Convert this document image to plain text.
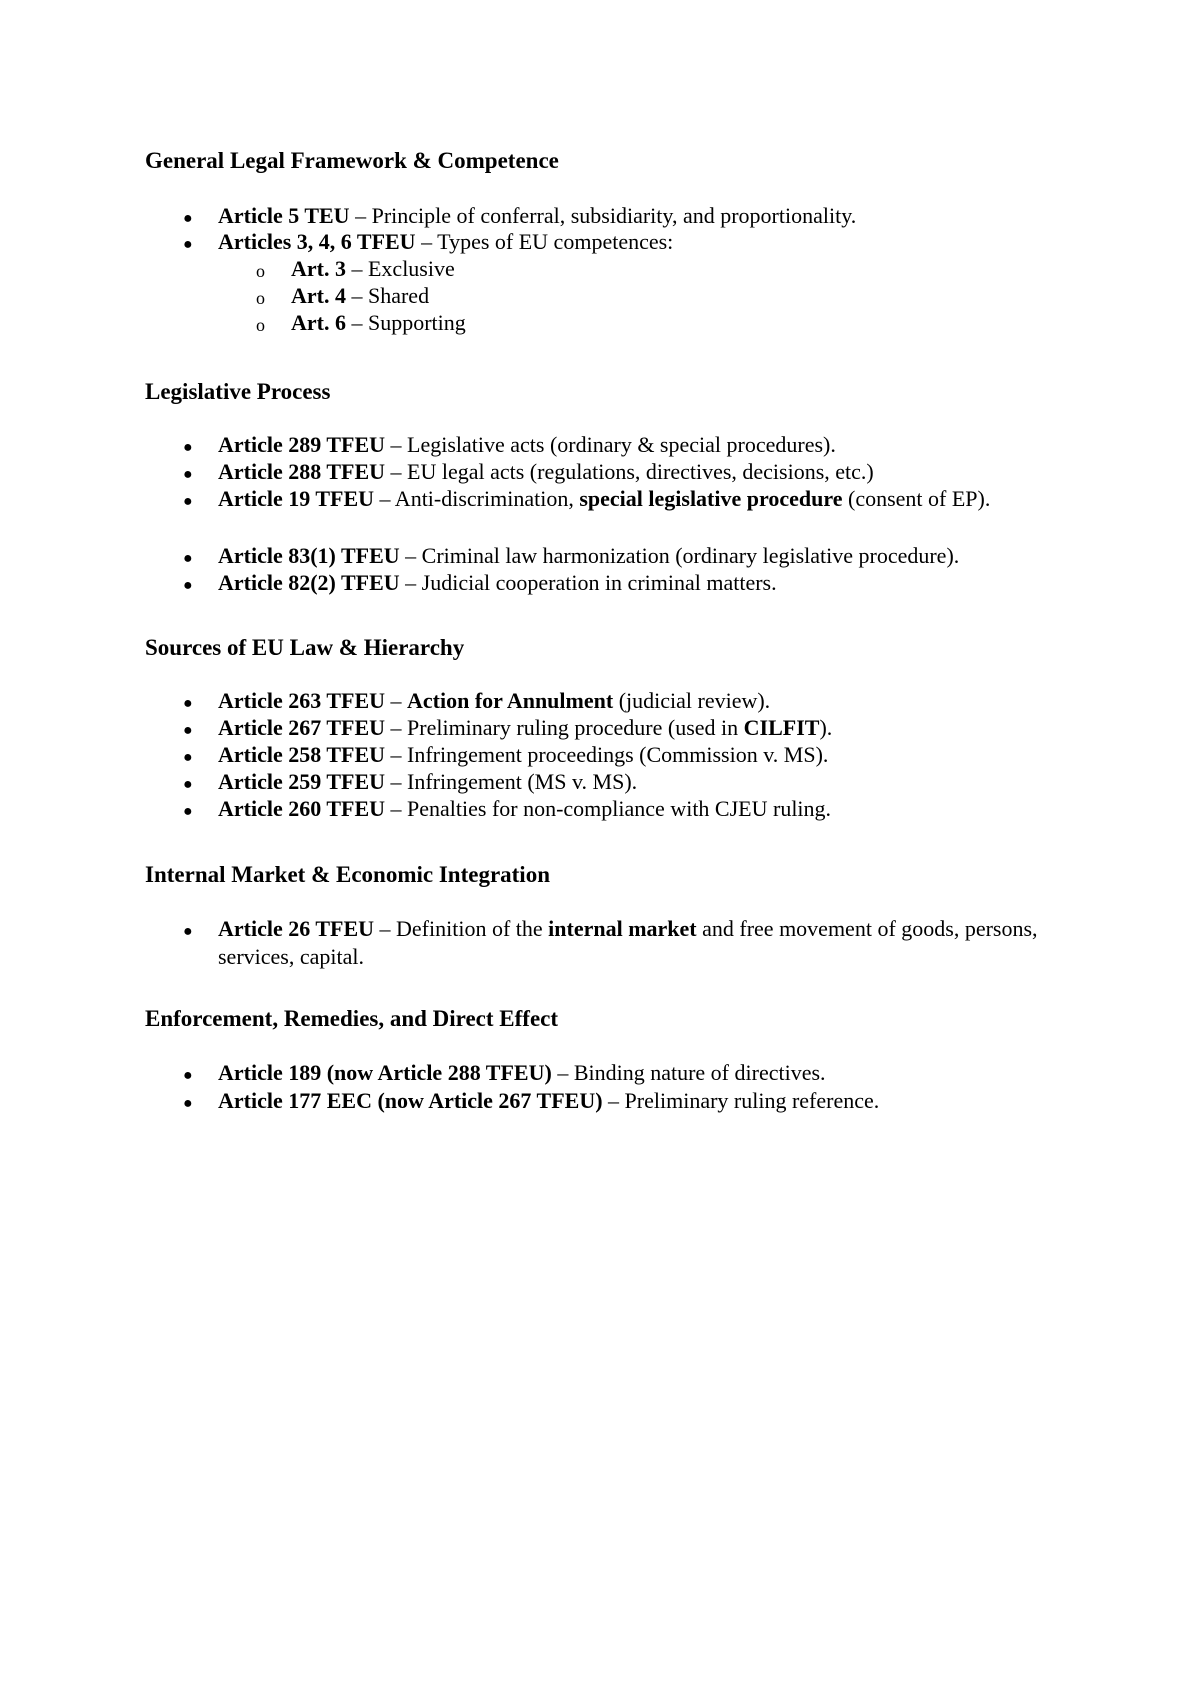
General Legal Framework & Competence
● Article 5 TEU – Principle of conferral, subsidiarity, and proportionality.
● Articles 3, 4, 6 TFEU – Types of EU competences:
o Art. 3 – Exclusive
o Art. 4 – Shared
o Art. 6 – Supporting
Legislative Process
● Article 289 TFEU – Legislative acts (ordinary & special procedures).
● Article 288 TFEU – EU legal acts (regulations, directives, decisions, etc.)
● Article 19 TFEU – Anti-discrimination, special legislative procedure (consent of EP).
● Article 83(1) TFEU – Criminal law harmonization (ordinary legislative procedure).
● Article 82(2) TFEU – Judicial cooperation in criminal matters.
Sources of EU Law & Hierarchy
● Article 263 TFEU – Action for Annulment (judicial review).
● Article 267 TFEU – Preliminary ruling procedure (used in CILFIT).
● Article 258 TFEU – Infringement proceedings (Commission v. MS).
● Article 259 TFEU – Infringement (MS v. MS).
● Article 260 TFEU – Penalties for non-compliance with CJEU ruling.
Internal Market & Economic Integration
● Article 26 TFEU – Definition of the internal market and free movement of goods, persons, services, capital.
Enforcement, Remedies, and Direct Effect
● Article 189 (now Article 288 TFEU) – Binding nature of directives.
● Article 177 EEC (now Article 267 TFEU) – Preliminary ruling reference.
